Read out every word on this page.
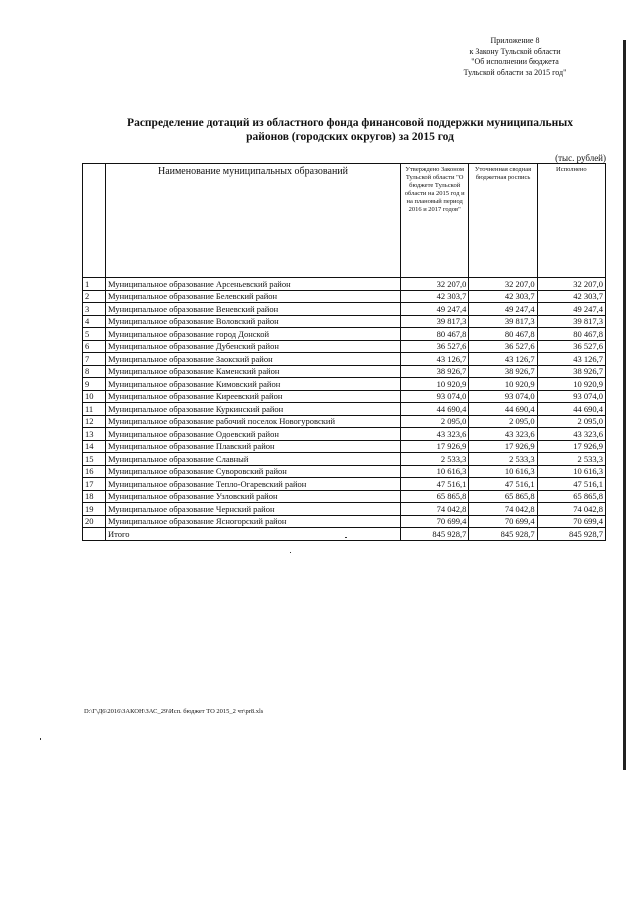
Приложение 8
к Закону Тульской области
"Об исполнении бюджета
Тульской области за 2015 год"
Распределение дотаций из областного фонда финансовой поддержки муниципальных
районов (городских округов) за 2015 год
(тыс. рублей)
	Наименование муниципальных образований	Утверждено Законом Тульской области "О бюджете Тульской области на 2015 год и на плановый период 2016 и 2017 годов"	Уточненная сводная бюджетная роспись	Исполнено
1	Муниципальное образование Арсеньевский район	32 207,0	32 207,0	32 207,0
2	Муниципальное образование Белевский район	42 303,7	42 303,7	42 303,7
3	Муниципальное образование Веневский район	49 247,4	49 247,4	49 247,4
4	Муниципальное образование Воловский район	39 817,3	39 817,3	39 817,3
5	Муниципальное образование город Донской	80 467,8	80 467,8	80 467,8
6	Муниципальное образование Дубенский район	36 527,6	36 527,6	36 527,6
7	Муниципальное образование Заокский район	43 126,7	43 126,7	43 126,7
8	Муниципальное образование Каменский район	38 926,7	38 926,7	38 926,7
9	Муниципальное образование Кимовский район	10 920,9	10 920,9	10 920,9
10	Муниципальное образование Киреевский район	93 074,0	93 074,0	93 074,0
11	Муниципальное образование Куркинский район	44 690,4	44 690,4	44 690,4
12	Муниципальное образование рабочий поселок Новогуровский	2 095,0	2 095,0	2 095,0
13	Муниципальное образование Одоевский район	43 323,6	43 323,6	43 323,6
14	Муниципальное образование Плавский район	17 926,9	17 926,9	17 926,9
15	Муниципальное образование Славный	2 533,3	2 533,3	2 533,3
16	Муниципальное образование Суворовский район	10 616,3	10 616,3	10 616,3
17	Муниципальное образование Тепло-Огаревский район	47 516,1	47 516,1	47 516,1
18	Муниципальное образование Узловский район	65 865,8	65 865,8	65 865,8
19	Муниципальное образование Чернский район	74 042,8	74 042,8	74 042,8
20	Муниципальное образование Ясногорский район	70 699,4	70 699,4	70 699,4
	Итого	845 928,7	845 928,7	845 928,7
D:\Г\Д6\2016\ЗАКОН\ЗАС_29\Исп. бюджет ТО 2015_2 чт\pr8.xls
